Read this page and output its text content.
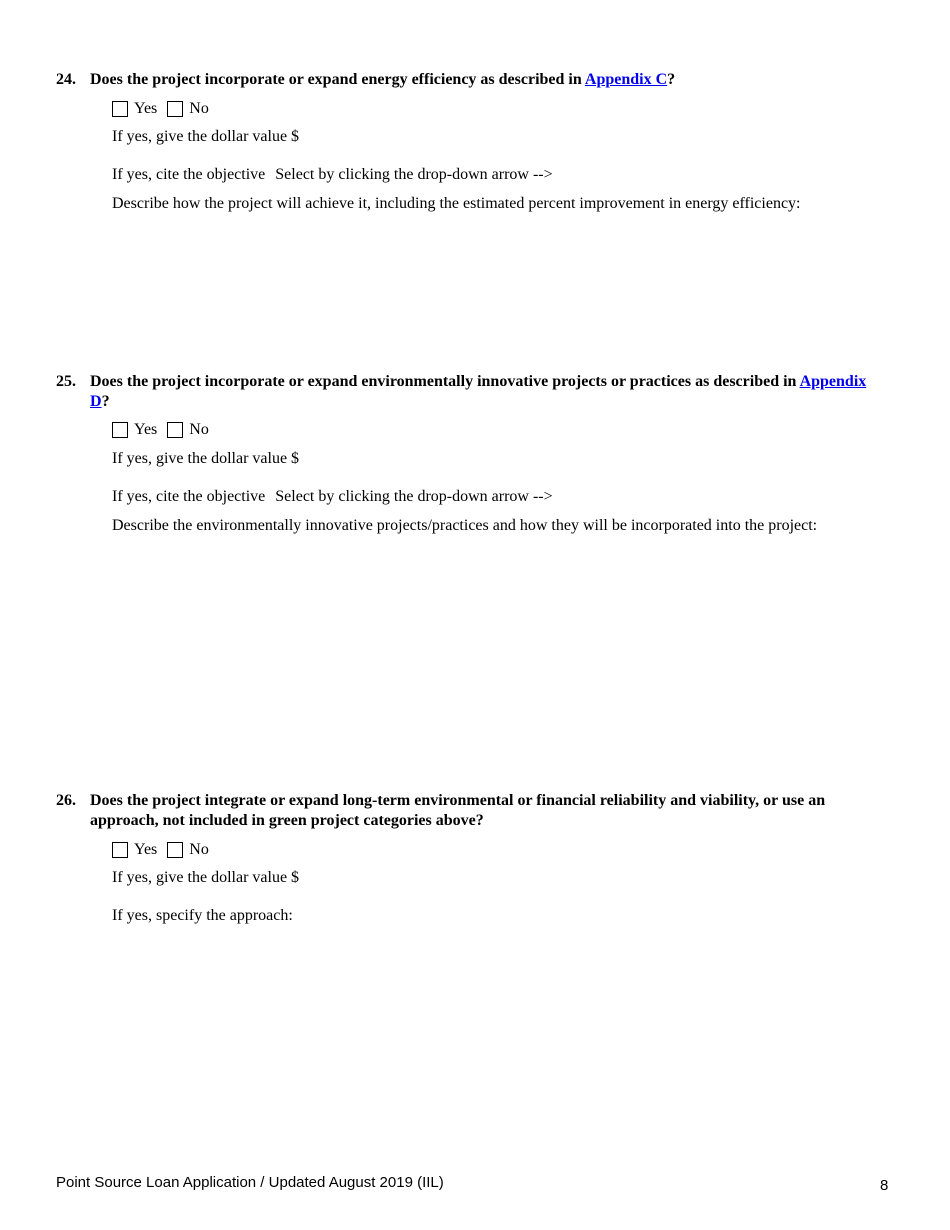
24. Does the project incorporate or expand energy efficiency as described in Appendix C?
Yes No
If yes, give the dollar value $
If yes, cite the objective Select by clicking the drop-down arrow -->
Describe how the project will achieve it, including the estimated percent improvement in energy efficiency:
25. Does the project incorporate or expand environmentally innovative projects or practices as described in Appendix D?
Yes No
If yes, give the dollar value $
If yes, cite the objective Select by clicking the drop-down arrow -->
Describe the environmentally innovative projects/practices and how they will be incorporated into the project:
26. Does the project integrate or expand long-term environmental or financial reliability and viability, or use an approach, not included in green project categories above?
Yes No
If yes, give the dollar value $
If yes, specify the approach:
Point Source Loan Application / Updated August 2019 (IIL)	8
